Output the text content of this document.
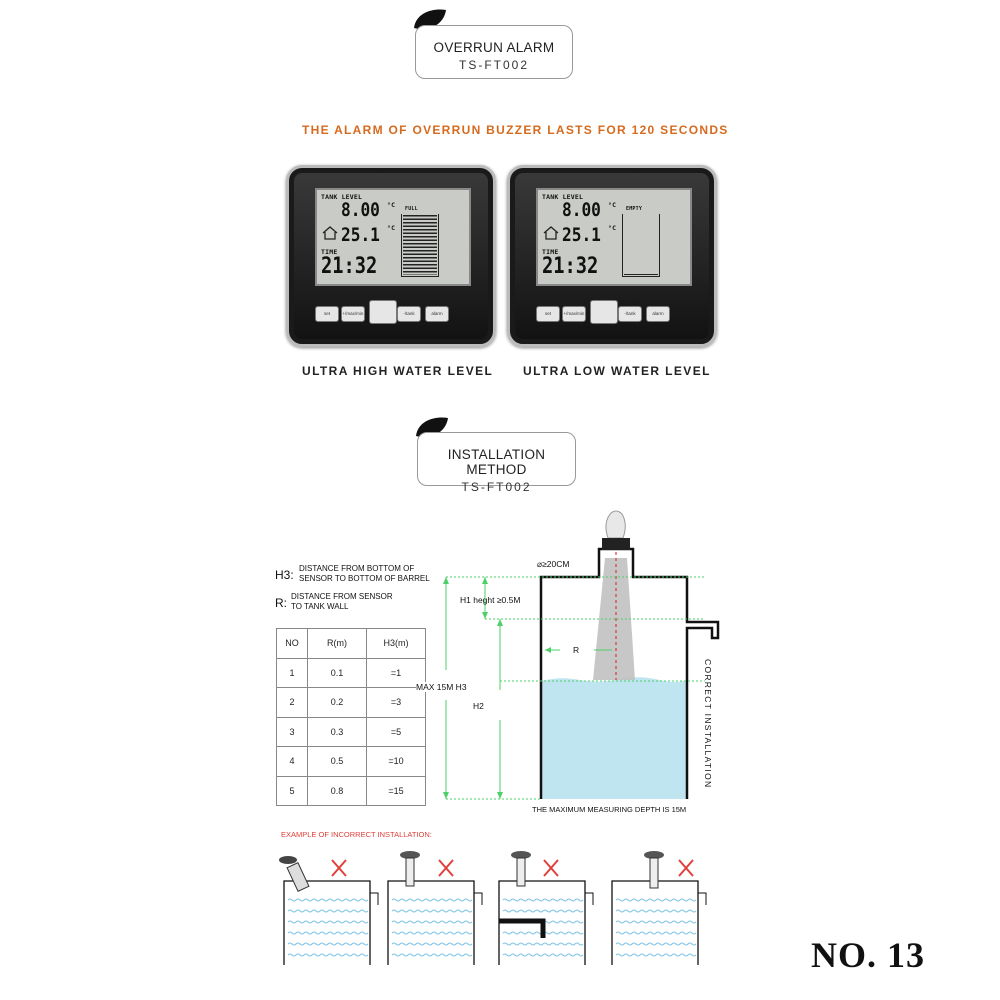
OVERRUN ALARM
TS-FT002
THE ALARM OF OVERRUN BUZZER LASTS FOR 120 SECONDS
TANK LEVEL
8.00 °C
25.1 °C
TIME
21:32
FULL
set	+/max/min	-/tank	alarm
TANK LEVEL
8.00 °C
25.1 °C
TIME
21:32
EMPTY
set	+/max/min	-/tank	alarm
ULTRA HIGH WATER LEVEL ULTRA LOW WATER LEVEL
INSTALLATION METHOD
TS-FT002
H3: DISTANCE FROM BOTTOM OF
SENSOR TO BOTTOM OF BARREL
R: DISTANCE FROM SENSOR
TO TANK WALL
NO	R(m)	H3(m)
1	0.1	=1
2	0.2	=3
3	0.3	=5
4	0.5	=10
5	0.8	=15
⌀≥20CM
H1 heght ≥0.5M
R
MAX 15M H3
H2	CORRECT INSTALLATION
THE MAXIMUM MEASURING DEPTH IS 15M
EXAMPLE OF INCORRECT INSTALLATION:
NO. 13
